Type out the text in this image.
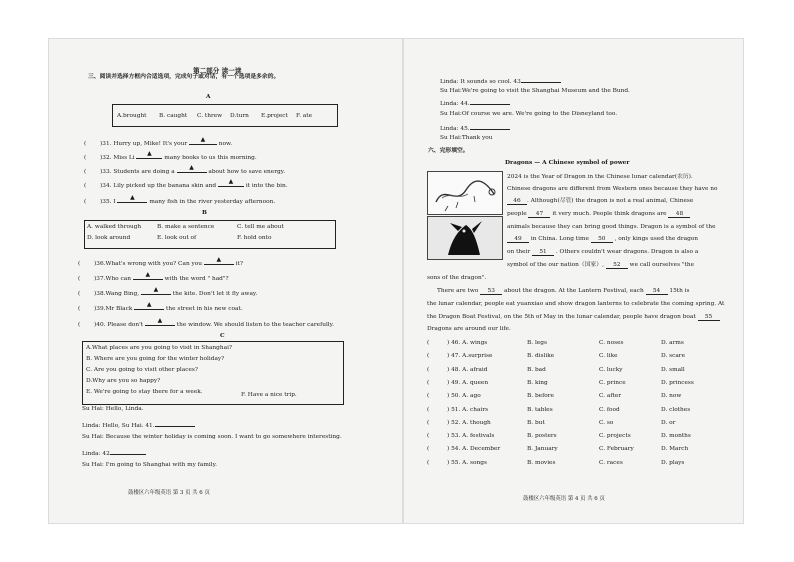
第二部分 读一读
三、阅读并选择方框内合适选项，完成句子或对话，有一个选项是多余的。
A
A.brought B. caught C. threw D.turn E.project F. ate
( )31. Hurry up, Mike! It's your
▲
now.
( )32. Miss Li
▲
many books to us this morning.
( )33. Students are doing a
▲
about how to save energy.
( )34. Lily picked up the banana skin and
▲
it into the bin.
( )35. I
▲
many fish in the river yesterday afternoon.
B
A. walked through	B. make a sentence	C. tell me about
D. look around	E. look out of	F. hold onto
( )36.What's wrong with you? Can you
▲
it?
( )37.Who can
▲
with the word " had"?
( )38.Wang Bing,
▲
the kite. Don't let it fly away.
( )39.Mr Black
▲
the street in his new coat.
( )40. Please don't
▲
the window. We should listen to the teacher carefully.
C
A.What places are you going to visit in Shanghai?
B. Where are you going for the winter holiday?
C. Are you going to visit other places?
D.Why are you so happy?
E. We're going to stay there for a week.	F. Have a nice trip.
Su Hai: Hello, Linda.
Linda: Hello, Su Hai. 41.
Su Hai: Because the winter holiday is coming soon. I want to go somewhere interesting.
Linda: 42
Su Hai: I'm going to Shanghai with my family.
鼓楼区六年级英语 第 3 页 共 6 页
Linda: It sounds so cool. 43
Su Hai:We're going to visit the Shanghai Museum and the Bund.
Linda: 44.
Su Hai:Of course we are. We're going to the Disneyland too.
Linda: 45.
Su Hai:Thank you
六、完形填空。
Dragons — A Chinese symbol of power
2024 is the Year of Dragon in the Chinese lunar calendar(农历).
Chinese dragons are different from Western ones because they have no
46 . Although(尽管) the dragon is not a real animal, Chinese
people 47 it very much. People think dragons are 48
animals because they can bring good things. Dragon is a symbol of the
49 in China. Long time 50 , only kings used the dragon
on their 51 . Others couldn't wear dragons. Dragon is also a
symbol of the our nation（国家）, 52 we call ourselves "the
sons of the dragon".
There are two 53 about the dragon. At the Lantern Festival, each 54 15th is
the lunar calendar, people eat yuanxiao and show dragon lanterns to celebrate the coming spring. At
the Dragon Boat Festival, on the 5th of May in the lunar calendar, people have dragon boat 55
Dragons are around our life.
(	) 46. A. wings	B. legs	C. noses	D. arms
(	) 47. A.surprise	B. dislike	C. like	D. scare
(	) 48. A. afraid	B. bad	C. lucky	D. small
(	) 49. A. queen	B. king	C. prince	D. princess
(	) 50. A. ago	B. before	C. after	D. now
(	) 51. A. chairs	B. tables	C. food	D. clothes
(	) 52. A. though	B. but	C. so	D. or
(	) 53. A. festivals	B. posters	C. projects	D. months
(	) 54. A. December	B. January	C. February	D. March
(	) 55. A. songs	B. movies	C. races	D. plays
鼓楼区六年级英语 第 4 页 共 6 页
